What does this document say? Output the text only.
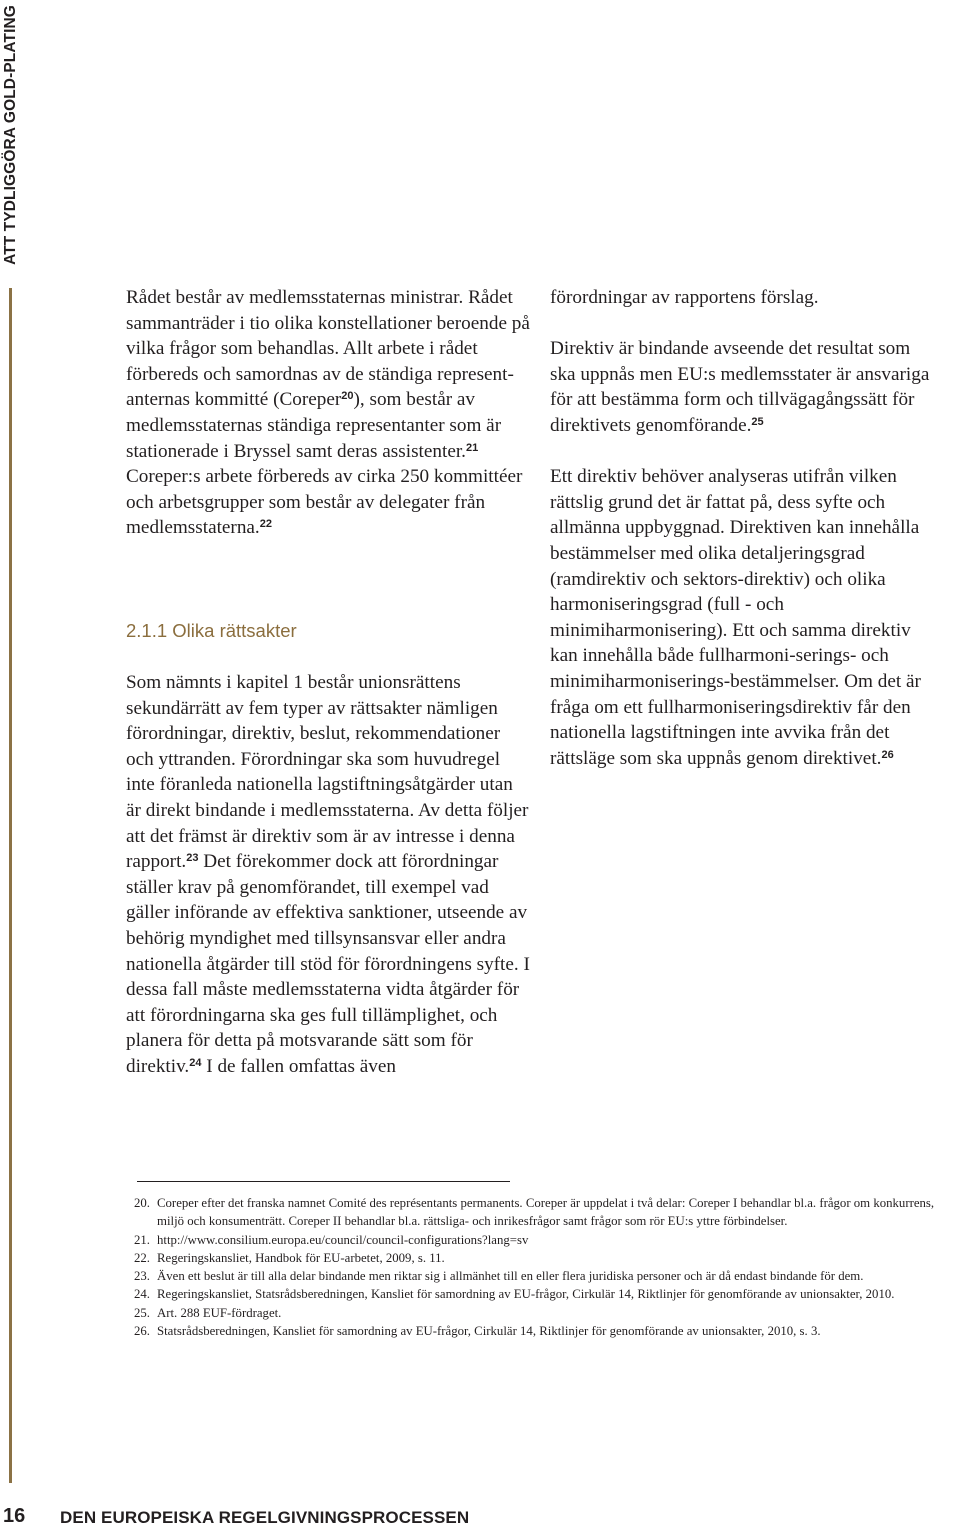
ATT TYDLIGGÖRA GOLD-PLATING

Rådet består av medlemsstaternas ministrar. Rådet sammanträder i tio olika konstellationer beroende på vilka frågor som behandlas. Allt arbete i rådet förbereds och samordnas av de ständiga represent-anternas kommitté (Coreper$^{20}$), som består av medlemsstaternas ständiga representanter som är stationerade i Bryssel samt deras assistenter.$^{21}$ Coreper:s arbete förbereds av cirka 250 kommittéer och arbetsgrupper som består av delegater från medlemsstaterna.$^{22}$

2.1.1 Olika rättsakter

Som nämnts i kapitel 1 består unionsrättens sekundärrätt av fem typer av rättsakter nämligen förordningar, direktiv, beslut, rekommendationer och yttranden. Förordningar ska som huvudregel inte föranleda nationella lagstiftningsåtgärder utan är direkt bindande i medlemsstaterna. Av detta följer att det främst är direktiv som är av intresse i denna rapport.$^{23}$ Det förekommer dock att förordningar ställer krav på genomförandet, till exempel vad gäller införande av effektiva sanktioner, utseende av behörig myndighet med tillsynsansvar eller andra nationella åtgärder till stöd för förordningens syfte. I dessa fall måste medlemsstaterna vidta åtgärder för att förordningarna ska ges full tillämplighet, och planera för detta på motsvarande sätt som för direktiv.$^{24}$ I de fallen omfattas även

förordningar av rapportens förslag.

Direktiv är bindande avseende det resultat som ska uppnås men EU:s medlemsstater är ansvariga för att bestämma form och tillvägagångssätt för direktivets genomförande.$^{25}$

Ett direktiv behöver analyseras utifrån vilken rättslig grund det är fattat på, dess syfte och allmänna uppbyggnad. Direktiven kan innehålla bestämmelser med olika detaljeringsgrad (ramdirektiv och sektors-direktiv) och olika harmoniseringsgrad (full - och minimiharmonisering). Ett och samma direktiv kan innehålla både fullharmoni-serings- och minimiharmoniserings-bestämmelser. Om det är fråga om ett fullharmoniseringsdirektiv får den nationella lagstiftningen inte avvika från det rättsläge som ska uppnås genom direktivet.$^{26}$

20. Coreper efter det franska namnet Comité des représentants permanents. Coreper är uppdelat i två delar: Coreper I behandlar bl.a. frågor om konkurrens, miljö och konsumenträtt. Coreper II behandlar bl.a. rättsliga- och inrikesfrågor samt frågor som rör EU:s yttre förbindelser.
21. http://www.consilium.europa.eu/council/council-configurations?lang=sv
22. Regeringskansliet, Handbok för EU-arbetet, 2009, s. 11.
23. Även ett beslut är till alla delar bindande men riktar sig i allmänhet till en eller flera juridiska personer och är då endast bindande för dem.
24. Regeringskansliet, Statsrådsberedningen, Kansliet för samordning av EU-frågor, Cirkulär 14, Riktlinjer för genomförande av unionsakter, 2010.
25. Art. 288 EUF-fördraget.
26. Statsrådsberedningen, Kansliet för samordning av EU-frågor, Cirkulär 14, Riktlinjer för genomförande av unionsakter, 2010, s. 3.
16 DEN EUROPEISKA REGELGIVNINGSPROCESSEN
